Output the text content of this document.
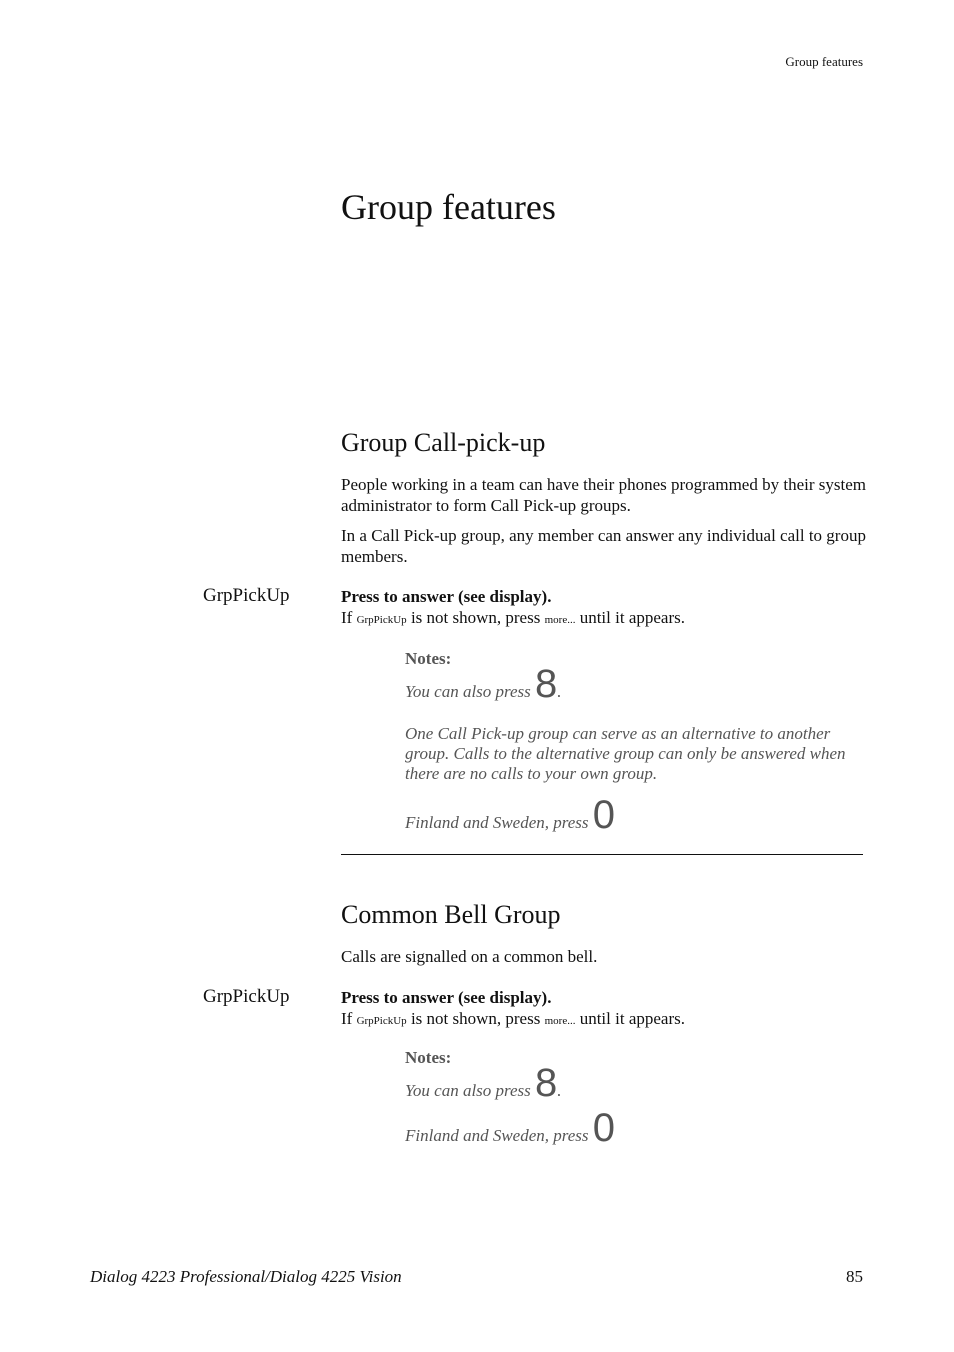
Group features
Group features
Group Call-pick-up

People working in a team can have their phones programmed by their system administrator to form Call Pick-up groups.

In a Call Pick-up group, any member can answer any individual call to group members.

GrpPickUp	Press to answer (see display).
If GrpPickUp is not shown, press more... until it appears.
Notes:
You can also press 8.
One Call Pick-up group can serve as an alternative to another group. Calls to the alternative group can only be answered when there are no calls to your own group.
Finland and Sweden, press 0
Common Bell Group

Calls are signalled on a common bell.

GrpPickUp	Press to answer (see display).
If GrpPickUp is not shown, press more... until it appears.
Notes:
You can also press 8.
Finland and Sweden, press 0
Dialog 4223 Professional/Dialog 4225 Vision	85
